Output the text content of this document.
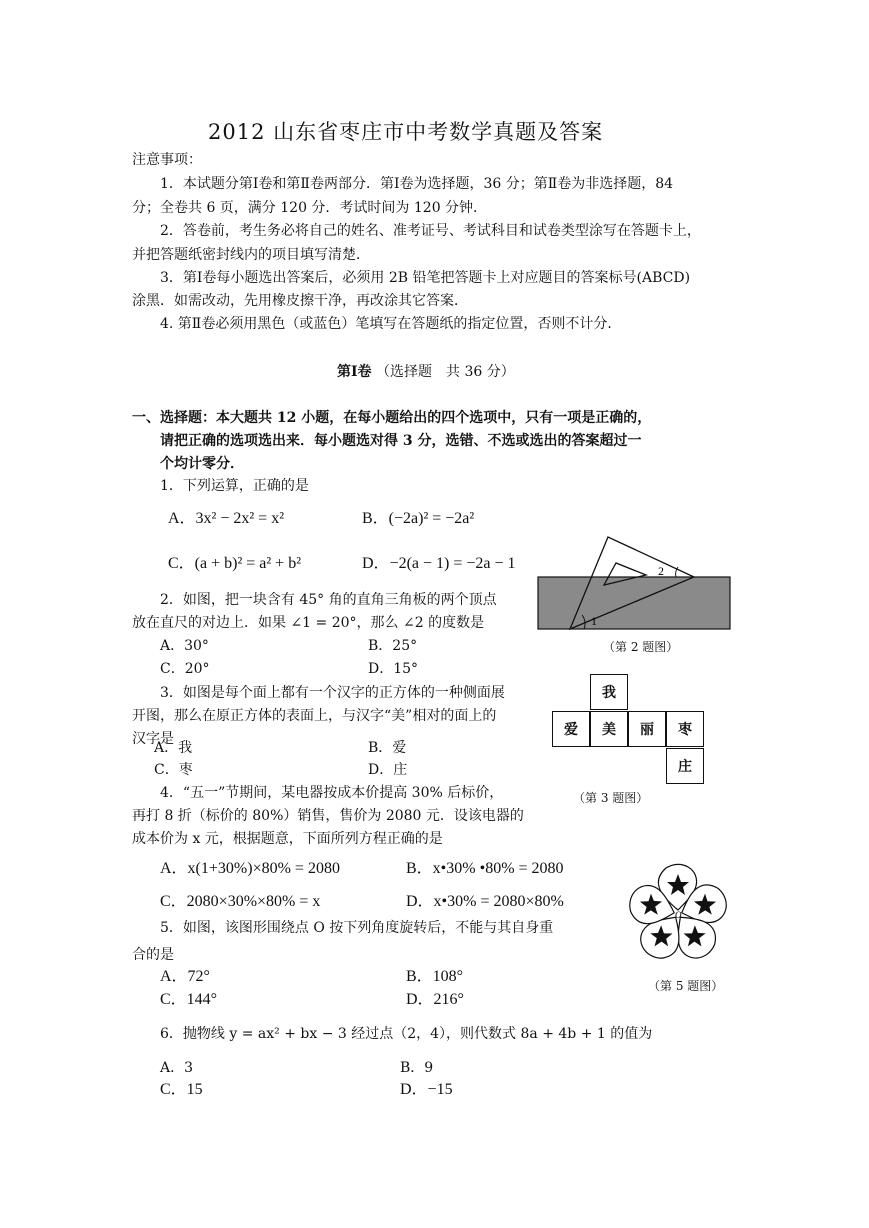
2012 山东省枣庄市中考数学真题及答案
注意事项：
1．本试题分第Ⅰ卷和第Ⅱ卷两部分．第Ⅰ卷为选择题，36 分；第Ⅱ卷为非选择题，84
分；全卷共 6 页，满分 120 分．考试时间为 120 分钟．
2．答卷前，考生务必将自己的姓名、准考证号、考试科目和试卷类型涂写在答题卡上，
并把答题纸密封线内的项目填写清楚．
3．第Ⅰ卷每小题选出答案后，必须用 2B 铅笔把答题卡上对应题目的答案标号(ABCD)
涂黑．如需改动，先用橡皮擦干净，再改涂其它答案．
4. 第Ⅱ卷必须用黑色（或蓝色）笔填写在答题纸的指定位置，否则不计分．
第Ⅰ卷 （选择题　共 36 分）
一、选择题：本大题共 12 小题，在每小题给出的四个选项中，只有一项是正确的，
请把正确的选项选出来．每小题选对得 3 分，选错、不选或选出的答案超过一
个均计零分．
1．下列运算，正确的是
A．3x² − 2x² = x²	B．(−2a)² = −2a²
C．(a + b)² = a² + b²	D．−2(a − 1) = −2a − 1
1
2
（第 2 题图）
2．如图，把一块含有 45° 角的直角三角板的两个顶点
放在直尺的对边上．如果 ∠1 = 20°，那么 ∠2 的度数是
A．30°	B．25°
C．20°	D．15°
我
爱	美	丽	枣
庄
（第 3 题图）
3．如图是每个面上都有一个汉字的正方体的一种侧面展
开图，那么在原正方体的表面上，与汉字“美”相对的面上的
汉字是
A．我	B．爱
C．枣	D．庄
4．“五一”节期间，某电器按成本价提高 30% 后标价，
再打 8 折（标价的 80%）销售，售价为 2080 元．设该电器的
成本价为 x 元，根据题意，下面所列方程正确的是
A．x(1+30%)×80% = 2080	B．x•30% •80% = 2080
C．2080×30%×80% = x	D．x•30% = 2080×80%
O
（第 5 题图）
5．如图，该图形围绕点 O 按下列角度旋转后，不能与其自身重
合的是
A．72°	B．108°
C．144°	D．216°
6．抛物线 y = ax² + bx − 3 经过点（2，4），则代数式 8a + 4b + 1 的值为
A．3	B．9
C．15	D．−15
